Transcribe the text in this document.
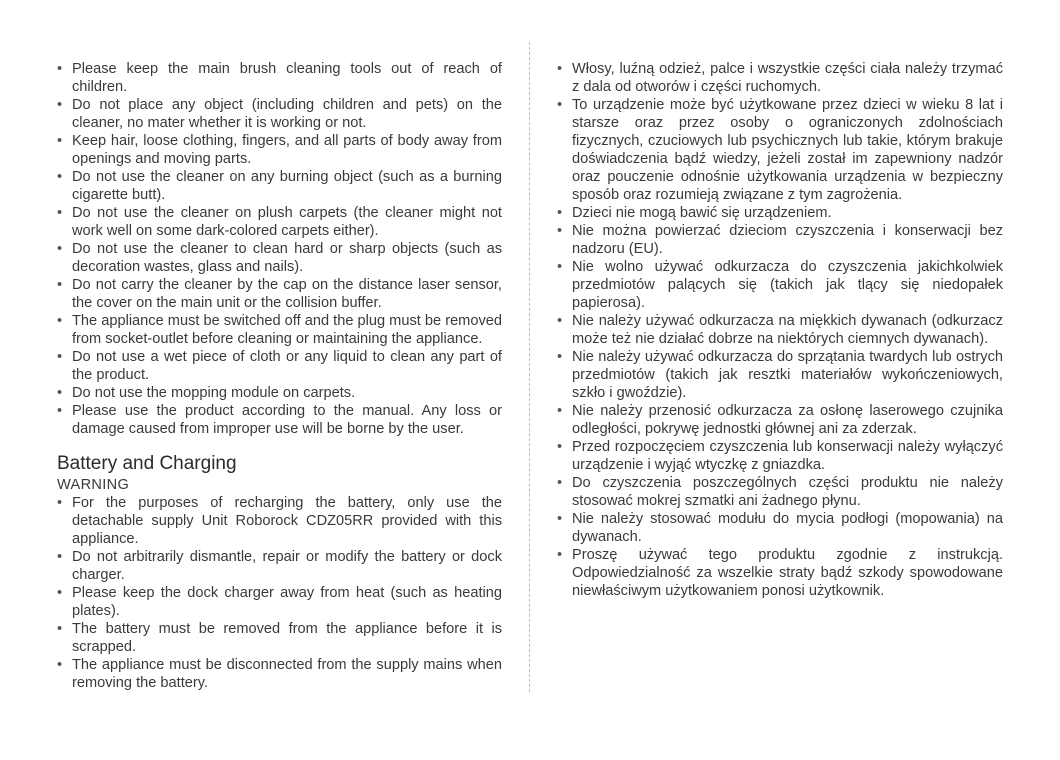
• Please keep the main brush cleaning tools out of reach of children.
• Do not place any object (including children and pets) on the cleaner, no mater whether it is working or not.
• Keep hair, loose clothing, fingers, and all parts of body away from openings and moving parts.
• Do not use the cleaner on any burning object (such as a burning cigarette butt).
• Do not use the cleaner on plush carpets (the cleaner might not work well on some dark-colored carpets either).
• Do not use the cleaner to clean hard or sharp objects (such as decoration wastes, glass and nails).
• Do not carry the cleaner by the cap on the distance laser sensor, the cover on the main unit or the collision buffer.
• The appliance must be switched off and the plug must be removed from socket-outlet before cleaning or maintaining the appliance.
• Do not use a wet piece of cloth or any liquid to clean any part of the product.
• Do not use the mopping module on carpets.
• Please use the product according to the manual. Any loss or damage caused from improper use will be borne by the user.
Battery and Charging
WARNING
• For the purposes of recharging the battery, only use the detachable supply Unit Roborock CDZ05RR provided with this appliance.
• Do not arbitrarily dismantle, repair or modify the battery or dock charger.
• Please keep the dock charger away from heat (such as heating plates).
• The battery must be removed from the appliance before it is scrapped.
• The appliance must be disconnected from the supply mains when removing the battery.
• Włosy, luźną odzież, palce i wszystkie części ciała należy trzymać z dala od otworów i części ruchomych.
• To urządzenie może być użytkowane przez dzieci w wieku 8 lat i starsze oraz przez osoby o ograniczonych zdolnościach fizycznych, czuciowych lub psychicznych lub takie, którym brakuje doświadczenia bądź wiedzy, jeżeli został im zapewniony nadzór oraz pouczenie odnośnie użytkowania urządzenia w bezpieczny sposób oraz rozumieją związane z tym zagrożenia.
• Dzieci nie mogą bawić się urządzeniem.
• Nie można powierzać dzieciom czyszczenia i konserwacji bez nadzoru (EU).
• Nie wolno używać odkurzacza do czyszczenia jakichkolwiek przedmiotów palących się (takich jak tlący się niedopałek papierosa).
• Nie należy używać odkurzacza na miękkich dywanach (odkurzacz może też nie działać dobrze na niektórych ciemnych dywanach).
• Nie należy używać odkurzacza do sprzątania twardych lub ostrych przedmiotów (takich jak resztki materiałów wykończeniowych, szkło i gwoździe).
• Nie należy przenosić odkurzacza za osłonę laserowego czujnika odległości, pokrywę jednostki głównej ani za zderzak.
• Przed rozpoczęciem czyszczenia lub konserwacji należy wyłączyć urządzenie i wyjąć wtyczkę z gniazdka.
• Do czyszczenia poszczególnych części produktu nie należy stosować mokrej szmatki ani żadnego płynu.
• Nie należy stosować modułu do mycia podłogi (mopowania) na dywanach.
• Proszę używać tego produktu zgodnie z instrukcją. Odpowiedzialność za wszelkie straty bądź szkody spowodowane niewłaściwym użytkowaniem ponosi użytkownik.
